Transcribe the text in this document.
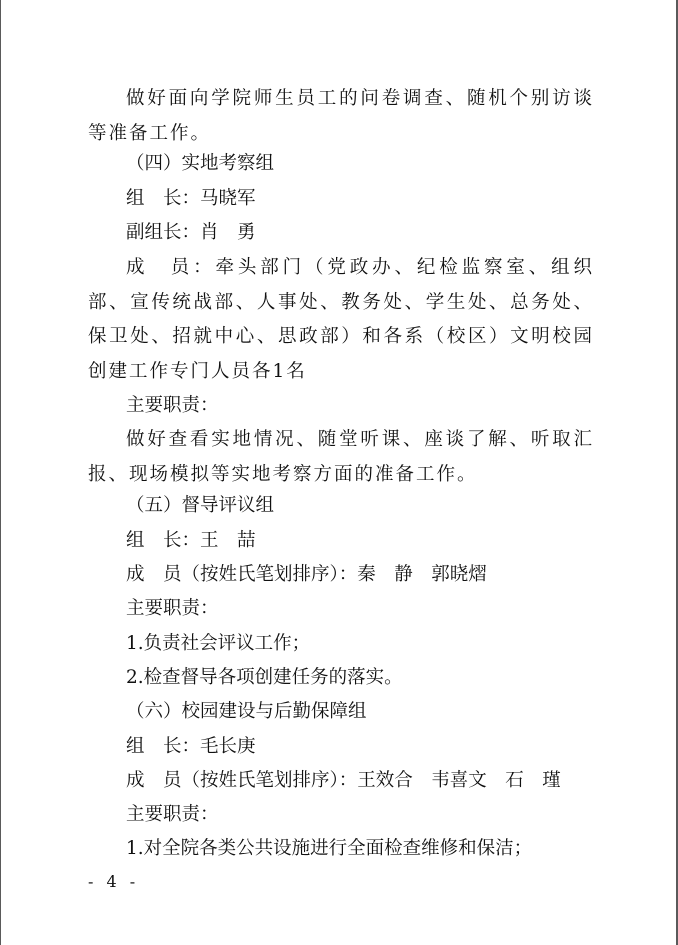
做好面向学院师生员工的问卷调查、随机个别访谈等准备工作。
（四）实地考察组
组　长：马晓军
副组长：肖　勇
成　员：牵头部门（党政办、纪检监察室、组织部、宣传统战部、人事处、教务处、学生处、总务处、保卫处、招就中心、思政部）和各系（校区）文明校园创建工作专门人员各1名
主要职责：
做好查看实地情况、随堂听课、座谈了解、听取汇报、现场模拟等实地考察方面的准备工作。
（五）督导评议组
组　长：王　喆
成　员（按姓氏笔划排序）：秦　静　郭晓熠
主要职责：
1.负责社会评议工作；
2.检查督导各项创建任务的落实。
（六）校园建设与后勤保障组
组　长：毛长庚
成　员（按姓氏笔划排序）：王效合　韦喜文　石　瑾
主要职责：
1.对全院各类公共设施进行全面检查维修和保洁；
- 4 -
